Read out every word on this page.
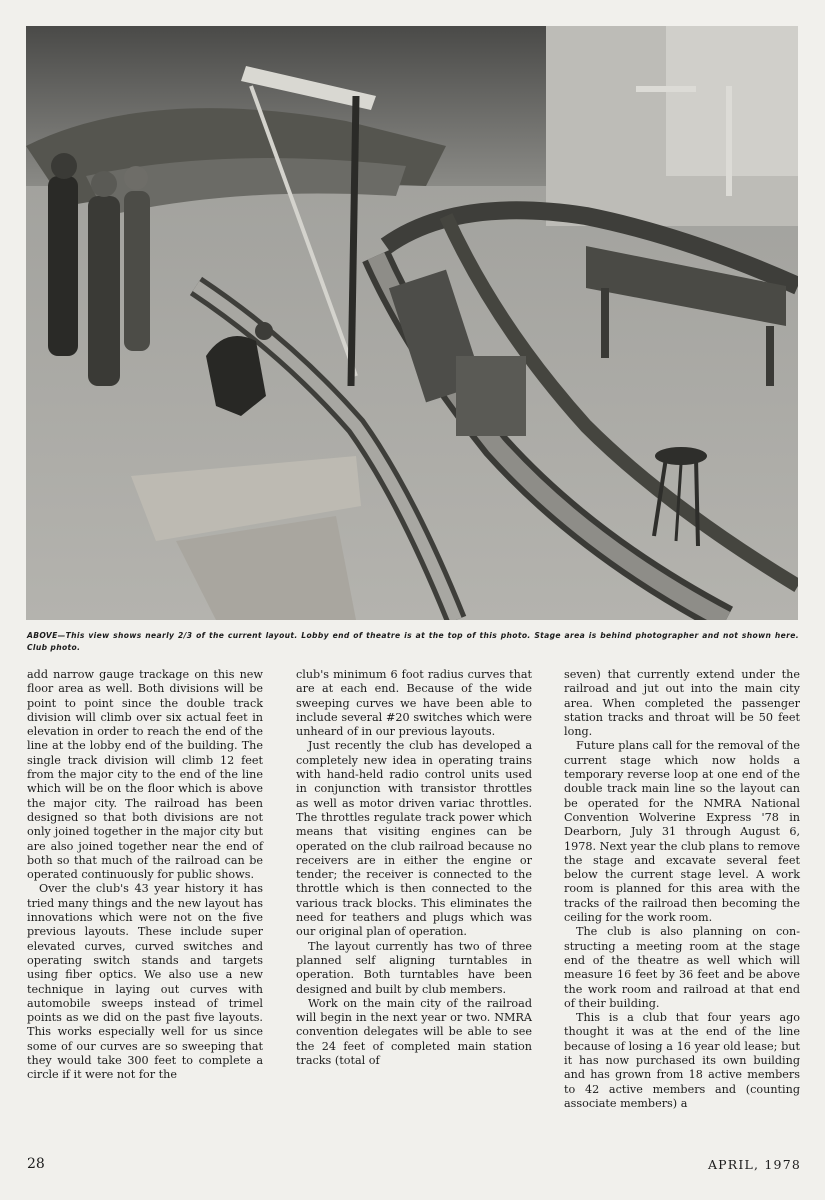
ABOVE—This view shows nearly 2/3 of the current layout. Lobby end of theatre is at the top of this photo. Stage area is behind photographer and not shown here. Club photo.

add narrow gauge trackage on this new floor area as well. Both divisions will be point to point since the double track division will climb over six actual feet in elevation in order to reach the end of the line at the lobby end of the building. The single track division will climb 12 feet from the major city to the end of the line which will be on the floor which is above the major city. The railroad has been designed so that both divisions are not only joined together in the major city but are also joined together near the end of both so that much of the railroad can be operated continuously for public shows.

Over the club's 43 year history it has tried many things and the new layout has innovations which were not on the five previous layouts. These include super elevated curves, curved switches and operating switch stands and targets using fiber optics. We also use a new technique in laying out curves with automobile sweeps instead of trimel points as we did on the past five layouts. This works especially well for us since some of our curves are so sweeping that they would take 300 feet to complete a circle if it were not for the

club's minimum 6 foot radius curves that are at each end. Because of the wide sweeping curves we have been able to include several #20 switches which were unheard of in our previous layouts.

Just recently the club has developed a completely new idea in operating trains with hand-held radio control units used in conjunction with transistor throttles as well as motor driven variac throttles. The throttles regulate track power which means that visiting engines can be operated on the club railroad because no receivers are in either the engine or tender; the receiver is connected to the throttle which is then connected to the various track blocks. This eliminates the need for teathers and plugs which was our original plan of operation.

The layout currently has two of three planned self aligning turntables in operation. Both turntables have been designed and built by club members.

Work on the main city of the railroad will begin in the next year or two. NMRA convention delegates will be able to see the 24 feet of completed main station tracks (total of

seven) that currently extend under the railroad and jut out into the main city area. When completed the passenger station tracks and throat will be 50 feet long.

Future plans call for the removal of the current stage which now holds a temporary reverse loop at one end of the double track main line so the layout can be operated for the NMRA National Convention Wolverine Express '78 in Dearborn, July 31 through August 6, 1978. Next year the club plans to remove the stage and excavate several feet below the current stage level. A work room is planned for this area with the tracks of the railroad then becoming the ceiling for the work room.

The club is also planning on constructing a meeting room at the stage end of the theatre as well which will measure 16 feet by 36 feet and be above the work room and railroad at that end of their building.

This is a club that four years ago thought it was at the end of the line because of losing a 16 year old lease; but it has now purchased its own building and has grown from 18 active members to 42 active members and (counting associate members) a

28	APRIL, 1978
